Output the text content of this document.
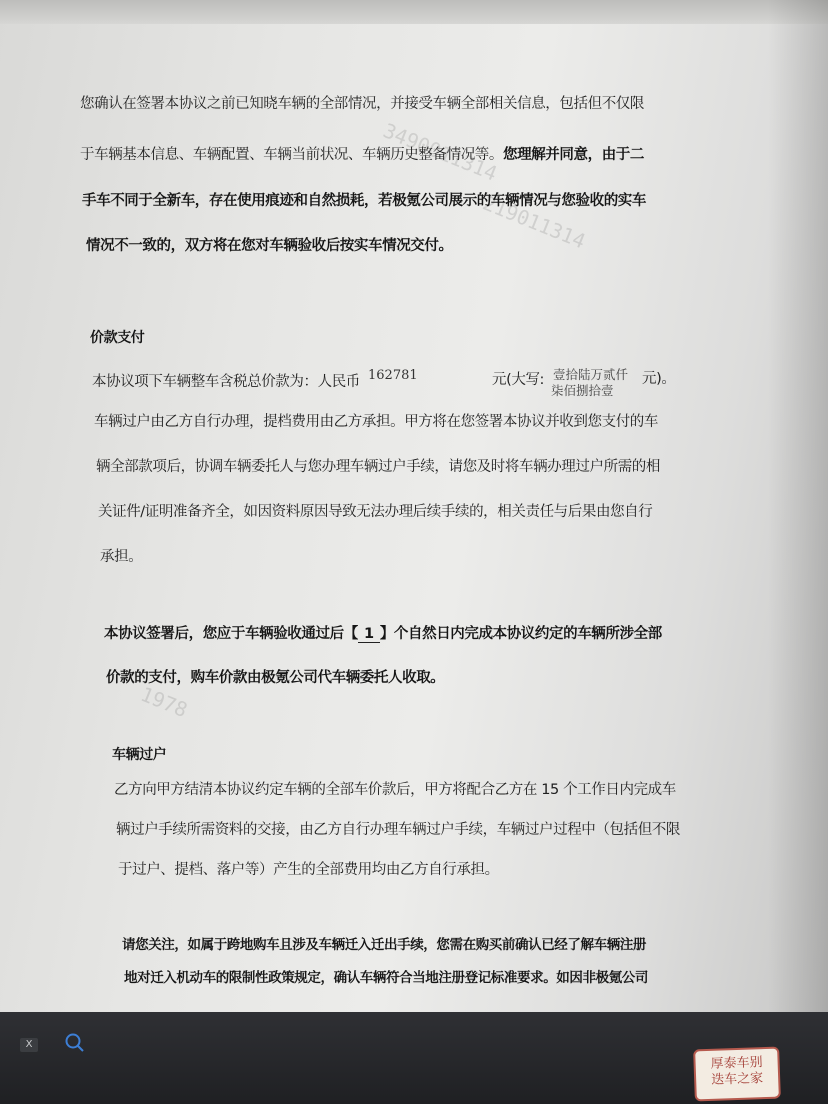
3490011314
219011314
1978
您确认在签署本协议之前已知晓车辆的全部情况，并接受车辆全部相关信息，包括但不仅限
于车辆基本信息、车辆配置、车辆当前状况、车辆历史整备情况等。您理解并同意，由于二
手车不同于全新车，存在使用痕迹和自然损耗，若极氪公司展示的车辆情况与您验收的实车
情况不一致的，双方将在您对车辆验收后按实车情况交付。
价款支付
本协议项下车辆整车含税总价款为：人民币 162781	元(大写: 壹拾陆万贰仟
柒佰捌拾壹
元)。
车辆过户由乙方自行办理，提档费用由乙方承担。甲方将在您签署本协议并收到您支付的车
辆全部款项后，协调车辆委托人与您办理车辆过户手续，请您及时将车辆办理过户所需的相
关证件/证明准备齐全，如因资料原因导致无法办理后续手续的，相关责任与后果由您自行
承担。
本协议签署后，您应于车辆验收通过后【 1 】个自然日内完成本协议约定的车辆所涉全部
价款的支付，购车价款由极氪公司代车辆委托人收取。
车辆过户
乙方向甲方结清本协议约定车辆的全部车价款后，甲方将配合乙方在 15 个工作日内完成车
辆过户手续所需资料的交接，由乙方自行办理车辆过户手续，车辆过户过程中（包括但不限
于过户、提档、落户等）产生的全部费用均由乙方自行承担。
请您关注，如属于跨地购车且涉及车辆迁入迁出手续，您需在购买前确认已经了解车辆注册
地对迁入机动车的限制性政策规定，确认车辆符合当地注册登记标准要求。如因非极氪公司
X
厚泰车别
迭车之家
